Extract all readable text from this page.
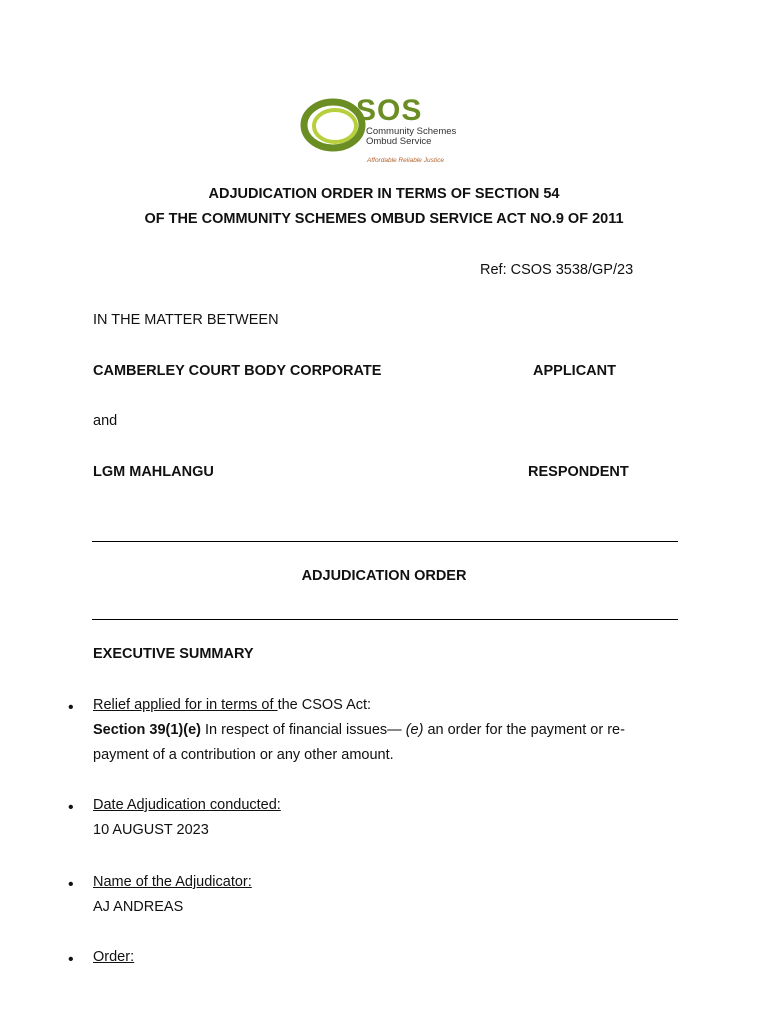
SOS
Community Schemes
Ombud Service
Affordable Reliable Justice
ADJUDICATION ORDER IN TERMS OF SECTION 54
OF THE COMMUNITY SCHEMES OMBUD SERVICE ACT NO.9 OF 2011
Ref: CSOS 3538/GP/23
IN THE MATTER BETWEEN
CAMBERLEY COURT BODY CORPORATE	APPLICANT
and
LGM MAHLANGU	RESPONDENT
ADJUDICATION ORDER
EXECUTIVE SUMMARY
• Relief applied for in terms of the CSOS Act:
Section 39(1)(e) In respect of financial issues— (e) an order for the payment or re-
payment of a contribution or any other amount.
• Date Adjudication conducted:
10 AUGUST 2023
• Name of the Adjudicator:
AJ ANDREAS
• Order:
